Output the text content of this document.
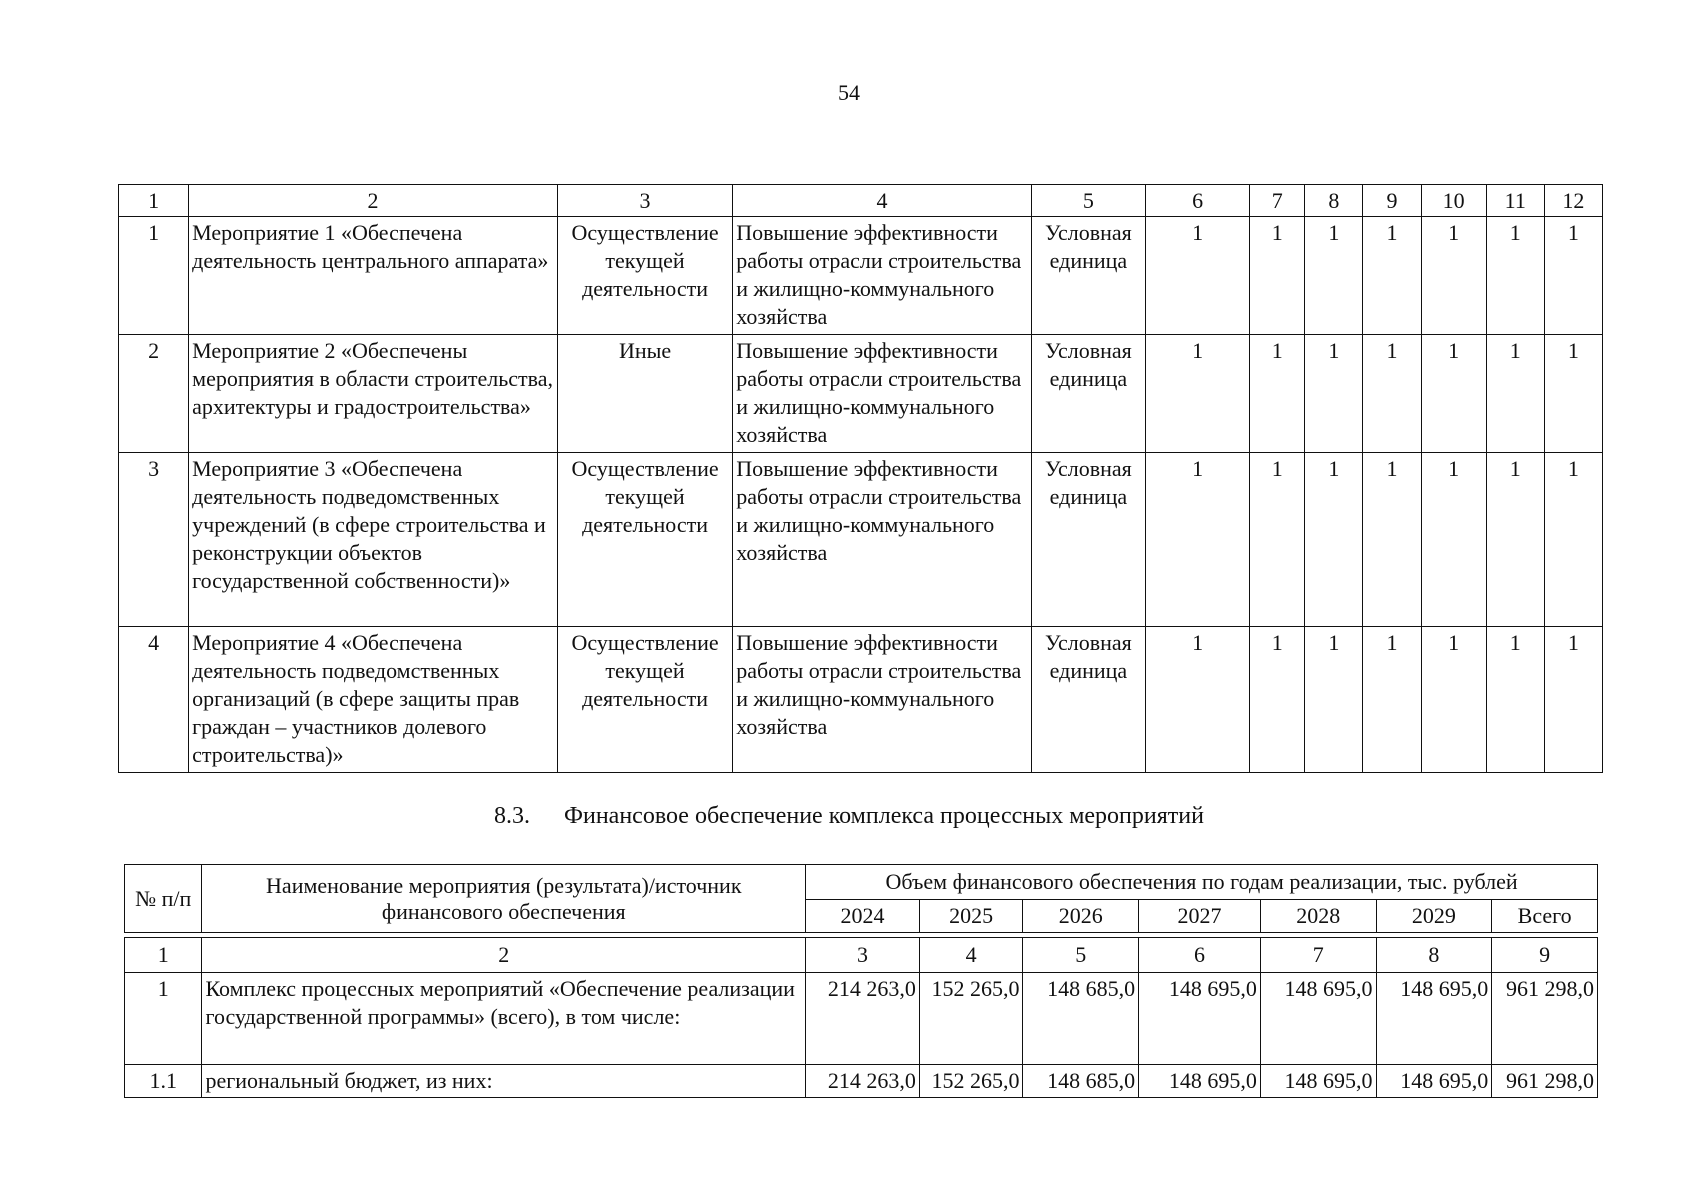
54
1	2	3	4	5	6	7	8	9	10	11	12
1	Мероприятие 1 «Обеспечена деятельность центрального аппарата»	Осуществление текущей деятельности	Повышение эффективности работы отрасли строительства и жилищно-коммунального хозяйства	Условная единица	1	1	1	1	1	1	1
2	Мероприятие 2 «Обеспечены мероприятия в области строительства, архитектуры и градостроительства»	Иные	Повышение эффективности работы отрасли строительства и жилищно-коммунального хозяйства	Условная единица	1	1	1	1	1	1	1
3	Мероприятие 3 «Обеспечена деятельность подведомственных учреждений (в сфере строительства и реконструкции объектов государственной собственности)»	Осуществление текущей деятельности	Повышение эффективности работы отрасли строительства и жилищно-коммунального хозяйства	Условная единица	1	1	1	1	1	1	1
4	Мероприятие 4 «Обеспечена деятельность подведомственных организаций (в сфере защиты прав граждан – участников долевого строительства)»	Осуществление текущей деятельности	Повышение эффективности работы отрасли строительства и жилищно-коммунального хозяйства	Условная единица	1	1	1	1	1	1	1
8.3. Финансовое обеспечение комплекса процессных мероприятий
№ п/п	Наименование мероприятия (результата)/источник финансового обеспечения	Объем финансового обеспечения по годам реализации, тыс. рублей						
		2024	2025	2026	2027	2028	2029	Всего

1	2	3	4	5	6	7	8	9
1	Комплекс процессных мероприятий «Обеспечение реализации государственной программы» (всего), в том числе:	214 263,0	152 265,0	148 685,0	148 695,0	148 695,0	148 695,0	961 298,0
1.1	региональный бюджет, из них:	214 263,0	152 265,0	148 685,0	148 695,0	148 695,0	148 695,0	961 298,0
